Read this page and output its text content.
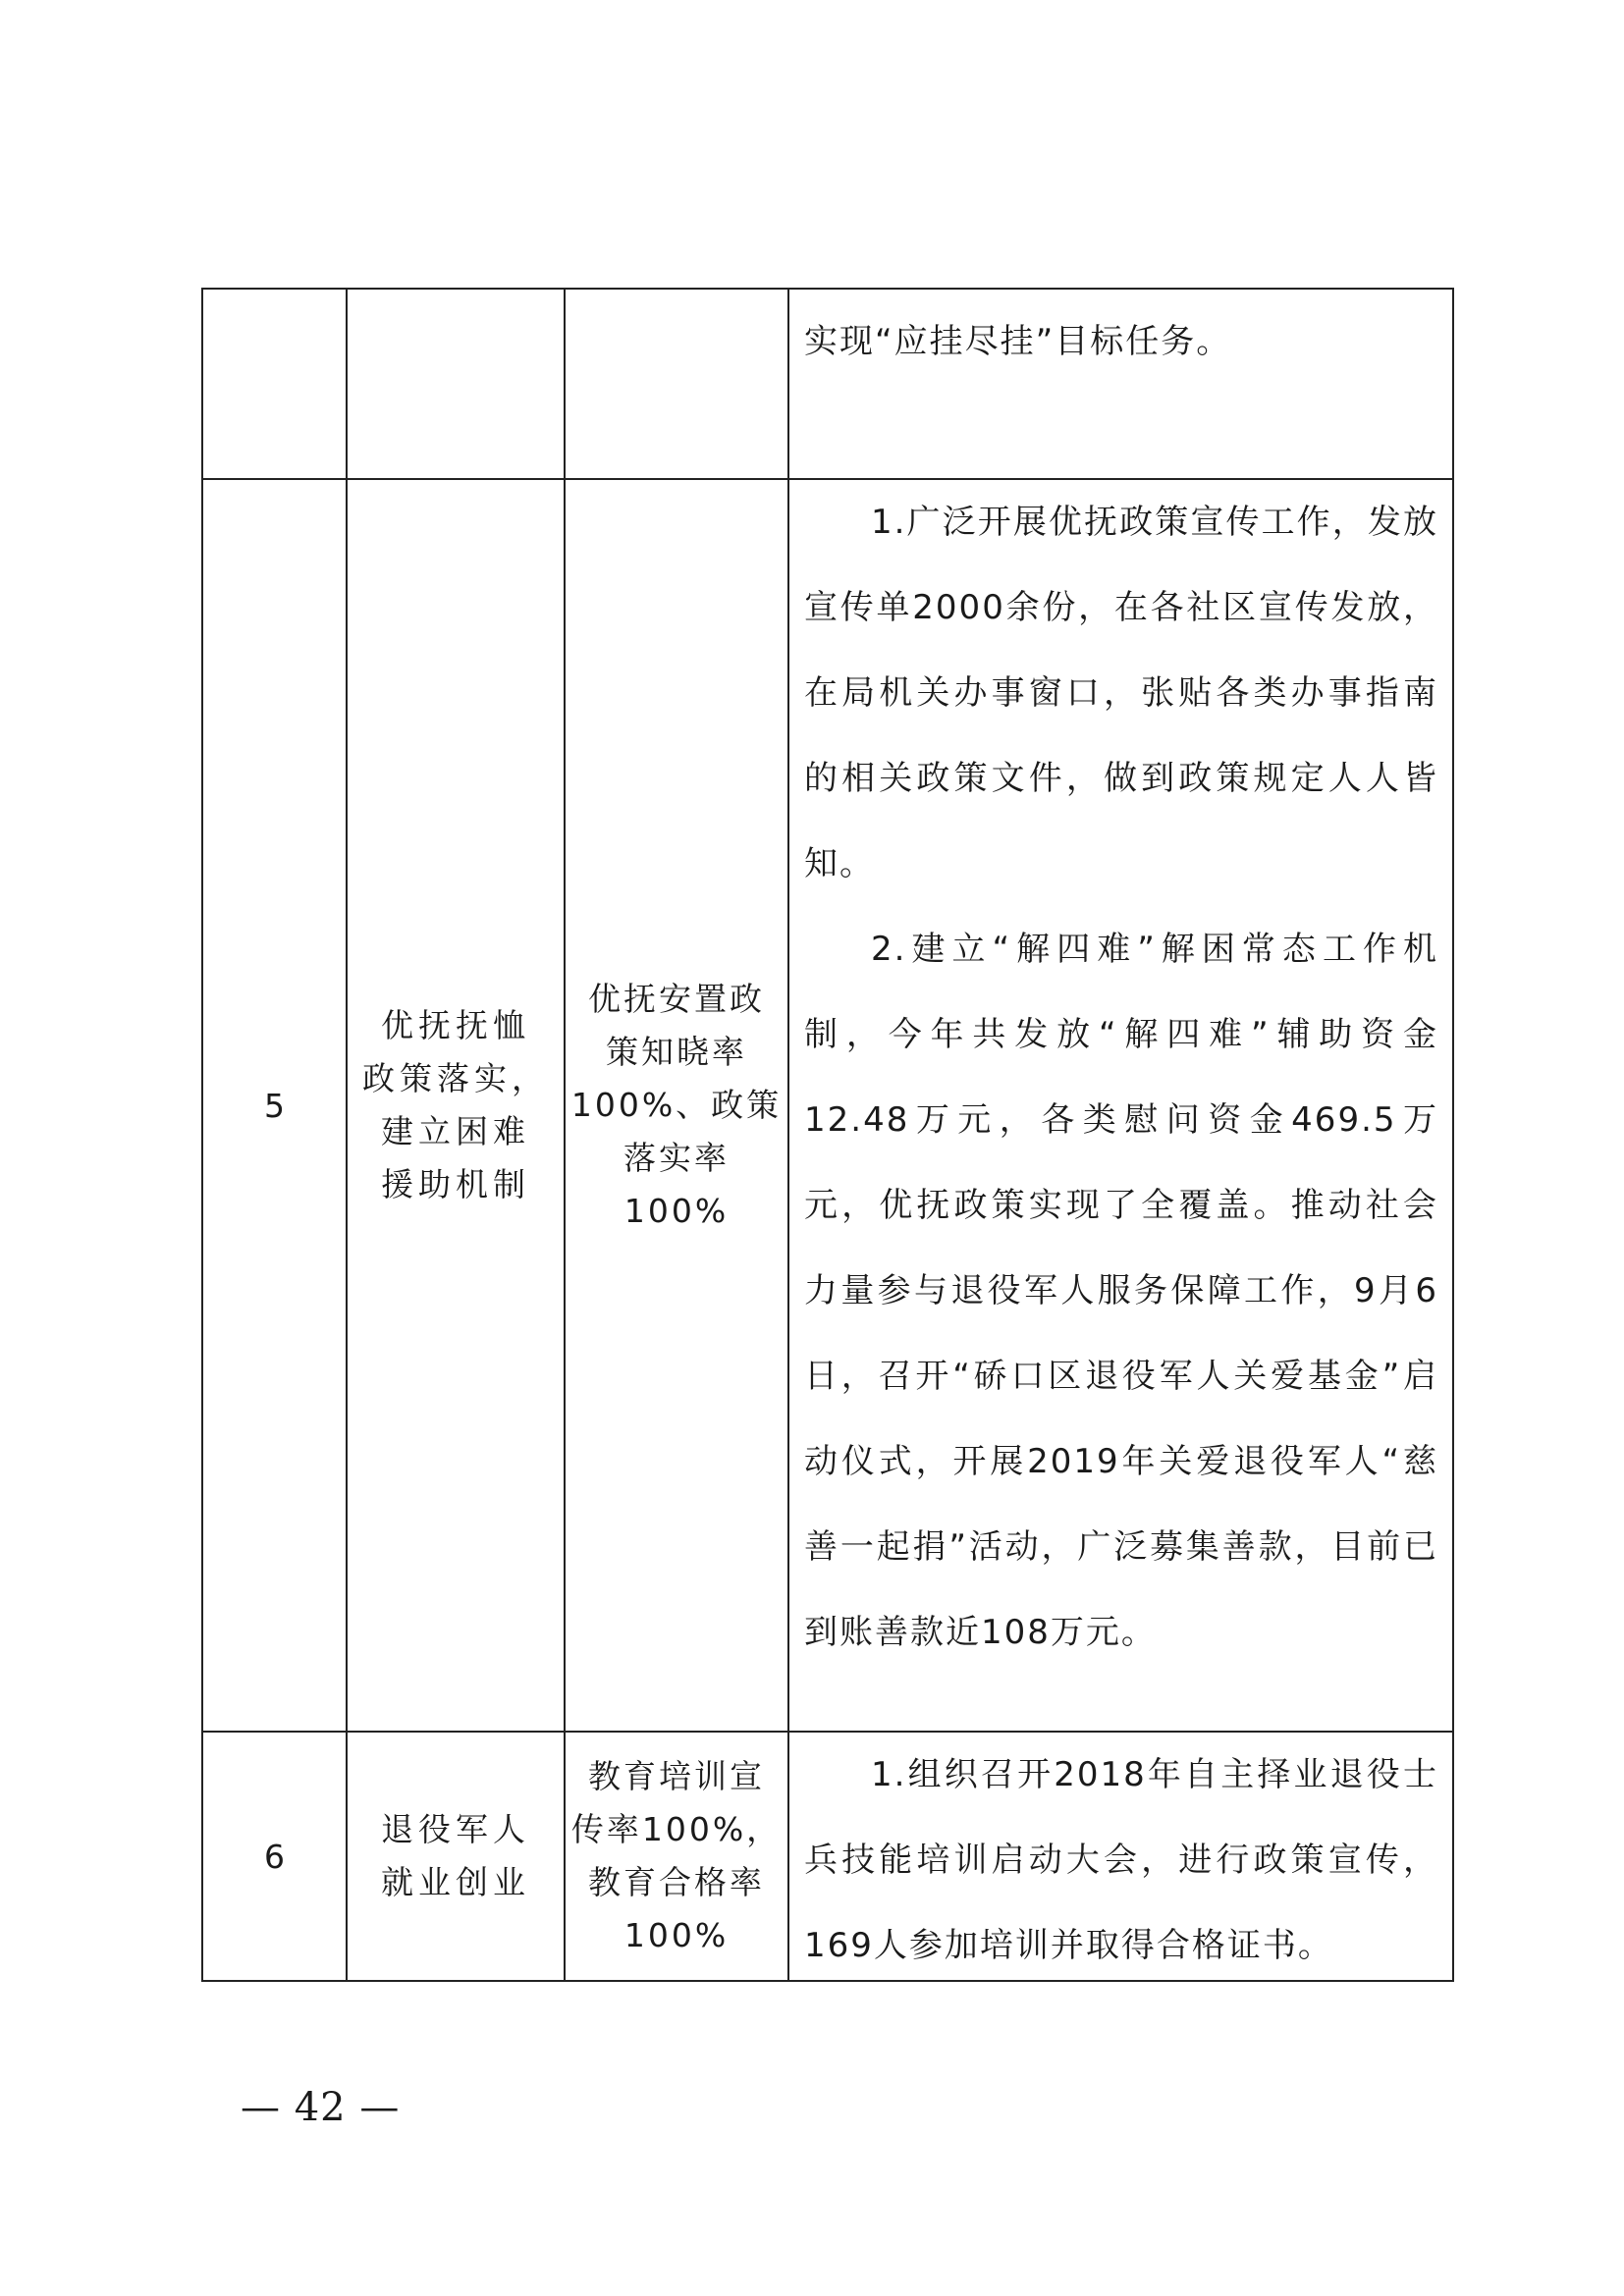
实现“应挂尽挂”目标任务。

5
优抚抚恤
政策落实，
建立困难
援助机制
优抚安置政
策知晓率
100%、政策
落实率
100%

1.广泛开展优抚政策宣传工作，发放宣传单2000余份，在各社区宣传发放，在局机关办事窗口，张贴各类办事指南的相关政策文件，做到政策规定人人皆知。

2.建立“解四难”解困常态工作机制，今年共发放“解四难”辅助资金12.48万元，各类慰问资金469.5万元，优抚政策实现了全覆盖。推动社会力量参与退役军人服务保障工作，9月6日，召开“硚口区退役军人关爱基金”启动仪式，开展2019年关爱退役军人“慈善一起捐”活动，广泛募集善款，目前已到账善款近108万元。

6
退役军人
就业创业
教育培训宣
传率100%，
教育合格率
100%

1.组织召开2018年自主择业退役士兵技能培训启动大会，进行政策宣传，169人参加培训并取得合格证书。

— 42 —
